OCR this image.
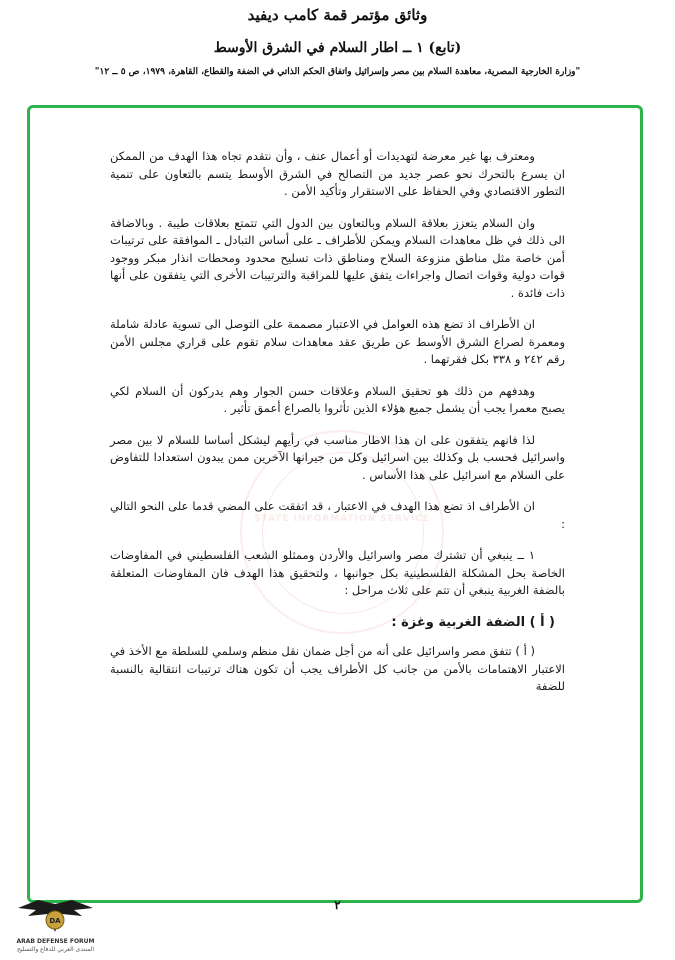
وثائق مؤتمر قمة كامب ديفيد
(تابع) ١ ــ اطار السلام في الشرق الأوسط
"وزارة الخارجية المصرية، معاهدة السلام بين مصر وإسرائيل واتفاق الحكم الذاتي في الضفة والقطاع، القاهرة، ١٩٧٩، ص ٥ ــ ١٢"
STATE INFORMATION SERVICE

ومعترف بها غير معرضة لتهديدات أو أعمال عنف ، وأن نتقدم تجاه هذا الهدف من الممكن ان يسرع بالتحرك نحو عصر جديد من التصالح في الشرق الأوسط يتسم بالتعاون على تنمية التطور الاقتصادي وفي الحفاظ على الاستقرار وتأكيد الأمن .

وان السلام يتعزز بعلاقة السلام وبالتعاون بين الدول التي تتمتع بعلاقات طيبة . وبالاضافة الى ذلك في ظل معاهدات السلام ويمكن للأطراف ـ على أساس التبادل ـ الموافقة على ترتيبات أمن خاصة مثل مناطق منزوعة السلاح ومناطق ذات تسليح محدود ومحطات انذار مبكر ووجود قوات دولية وقوات اتصال واجراءات يتفق عليها للمراقبة والترتيبات الأخرى التي يتفقون على أنها ذات فائدة .

ان الأطراف اذ تضع هذه العوامل في الاعتبار مصممة على التوصل الى تسوية عادلة شاملة ومعمرة لصراع الشرق الأوسط عن طريق عقد معاهدات سلام تقوم على قراري مجلس الأمن رقم ٢٤٢ و ٣٣٨ بكل فقرتهما .

وهدفهم من ذلك هو تحقيق السلام وعلاقات حسن الجوار وهم يدركون أن السلام لكي يصبح معمرا يجب أن يشمل جميع هؤلاء الذين تأثروا بالصراع أعمق تأثير .

لذا فانهم يتفقون على ان هذا الاطار مناسب في رأيهم ليشكل أساسا للسلام لا بين مصر واسرائيل فحسب بل وكذلك بين اسرائيل وكل من جيرانها الآخرين ممن يبدون استعدادا للتفاوض على السلام مع اسرائيل على هذا الأساس .

ان الأطراف اذ تضع هذا الهدف في الاعتبار ، قد اتفقت على المضي قدما على النحو التالي :

١ ــ ينبغي أن تشترك مصر واسرائيل والأردن وممثلو الشعب الفلسطيني في المفاوضات الخاصة بحل المشكلة الفلسطينية بكل جوانبها ، ولتحقيق هذا الهدف فان المفاوضات المتعلقة بالضفة الغربية ينبغي أن تتم على ثلاث مراحل :

( أ ) الضفة الغربية وغزة :

( أ ) تتفق مصر واسرائيل على أنه من أجل ضمان نقل منظم وسلمي للسلطة مع الأخذ في الاعتبار الاهتمامات بالأمن من جانب كل الأطراف يجب أن تكون هناك ترتيبات انتقالية بالنسبة للضفة

٢
DA
ARAB DEFENSE FORUM
المنتدى العربي للدفاع والتسليح
